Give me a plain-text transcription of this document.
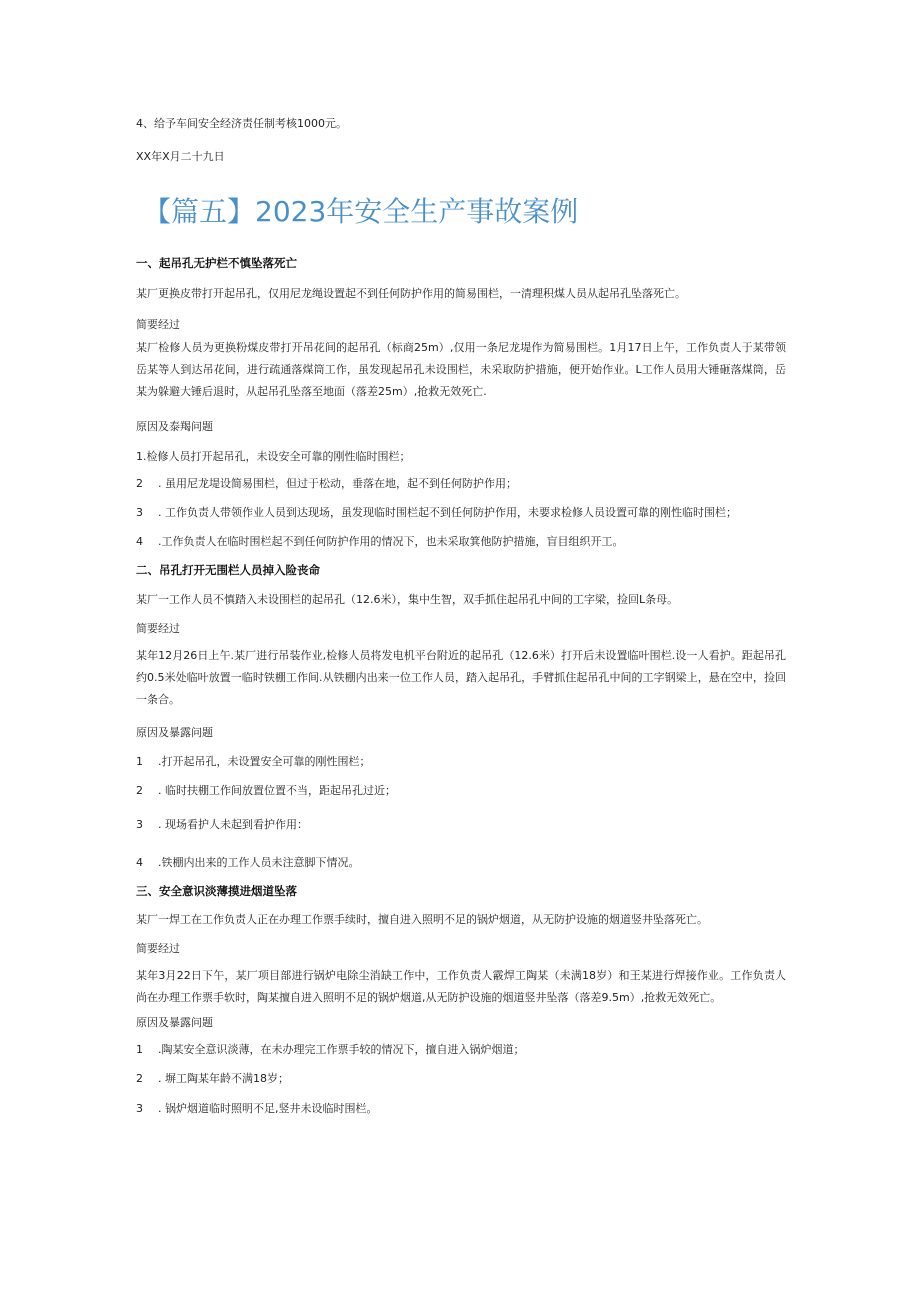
4、给予车间安全经济责任制考核1000元。

XX年X月二十九日

【篇五】2023年安全生产事故案例
一、起吊孔无护栏不慎坠落死亡

某厂更换皮带打开起吊孔，仅用尼龙绳设置起不到任何防护作用的简易围栏，一清理积煤人员从起吊孔坠落死亡。

简要经过

某厂检修人员为更换粉煤皮带打开吊花间的起吊孔（标商25m）,仅用一条尼龙堤作为简易围栏。1月17日上午，工作负责人于某带领岳某等人到达吊花间，进行疏通落煤筒工作，虽发现起吊孔未设围栏，未采取防护措施，便开始作业。L工作人员用大锤砸落煤筒，岳某为躲避大锤后退时，从起吊孔坠落至地面（落差25m）,抢救无效死亡.

原因及泰羯问题

1.检修人员打开起吊孔，未设安全可靠的刚性临时围栏；

2 . 虽用尼龙堤设简易围栏，但过于松动，垂落在地，起不到任何防护作用；

3 . 工作负责人带领作业人员到达现场，虽发现临时围栏起不到任何防护作用，未要求检修人员设置可靠的刚性临时围栏；

4 .工作负责人在临时围栏起不到任何防护作用的情况下，也未采取箕他防护措施，盲目组织开工。

二、吊孔打开无围栏人员掉入险丧命

某厂一工作人员不慎踏入未设围栏的起吊孔（12.6米），集中生智，双手抓住起吊孔中间的工字梁，捡回L条母。

简要经过

某年12月26日上午.某厂进行吊装作业,检修人员将发电机平台附近的起吊孔（12.6米）打开后未设置临叶围栏.设一人看护。距起吊孔约0.5米处临叶放置一临时铁棚工作间.从铁棚内出来一位工作人员，踏入起吊孔，手臂抓住起吊孔中间的工字钢梁上，悬在空中，捡回一条合。

原因及暴露问题

1 .打开起吊孔，未设置安全可靠的刚性围栏；

2 . 临时扶棚工作间放置位置不当，距起吊孔过近；

3 . 现场看护人未起到看护作用：

4 .铁棚内出来的工作人员未注意脚下情况。

三、安全意识淡薄摸进烟道坠落

某厂一焊工在工作负责人正在办理工作票手续时，擅自进入照明不足的锅炉烟道，从无防护设施的烟道竖井坠落死亡。

简要经过

某年3月22日下午，某厂项目部进行锅炉电除尘消缺工作中，工作负责人霰焊工陶某（未满18岁）和王某进行焊接作业。工作负责人尚在办理工作票手软时，陶某擅自进入照明不足的锅炉烟道,从无防护设施的烟道竖井坠落（落差9.5m）,抢救无效死亡。

原因及暴露问题

1 .陶某安全意识淡薄，在未办理完工作票手较的情况下，擅自进入锅炉烟道；

2 . 塀工陶某年龄不满18岁；

3 . 锅炉烟道临时照明不足,竖井未设临时围栏。
